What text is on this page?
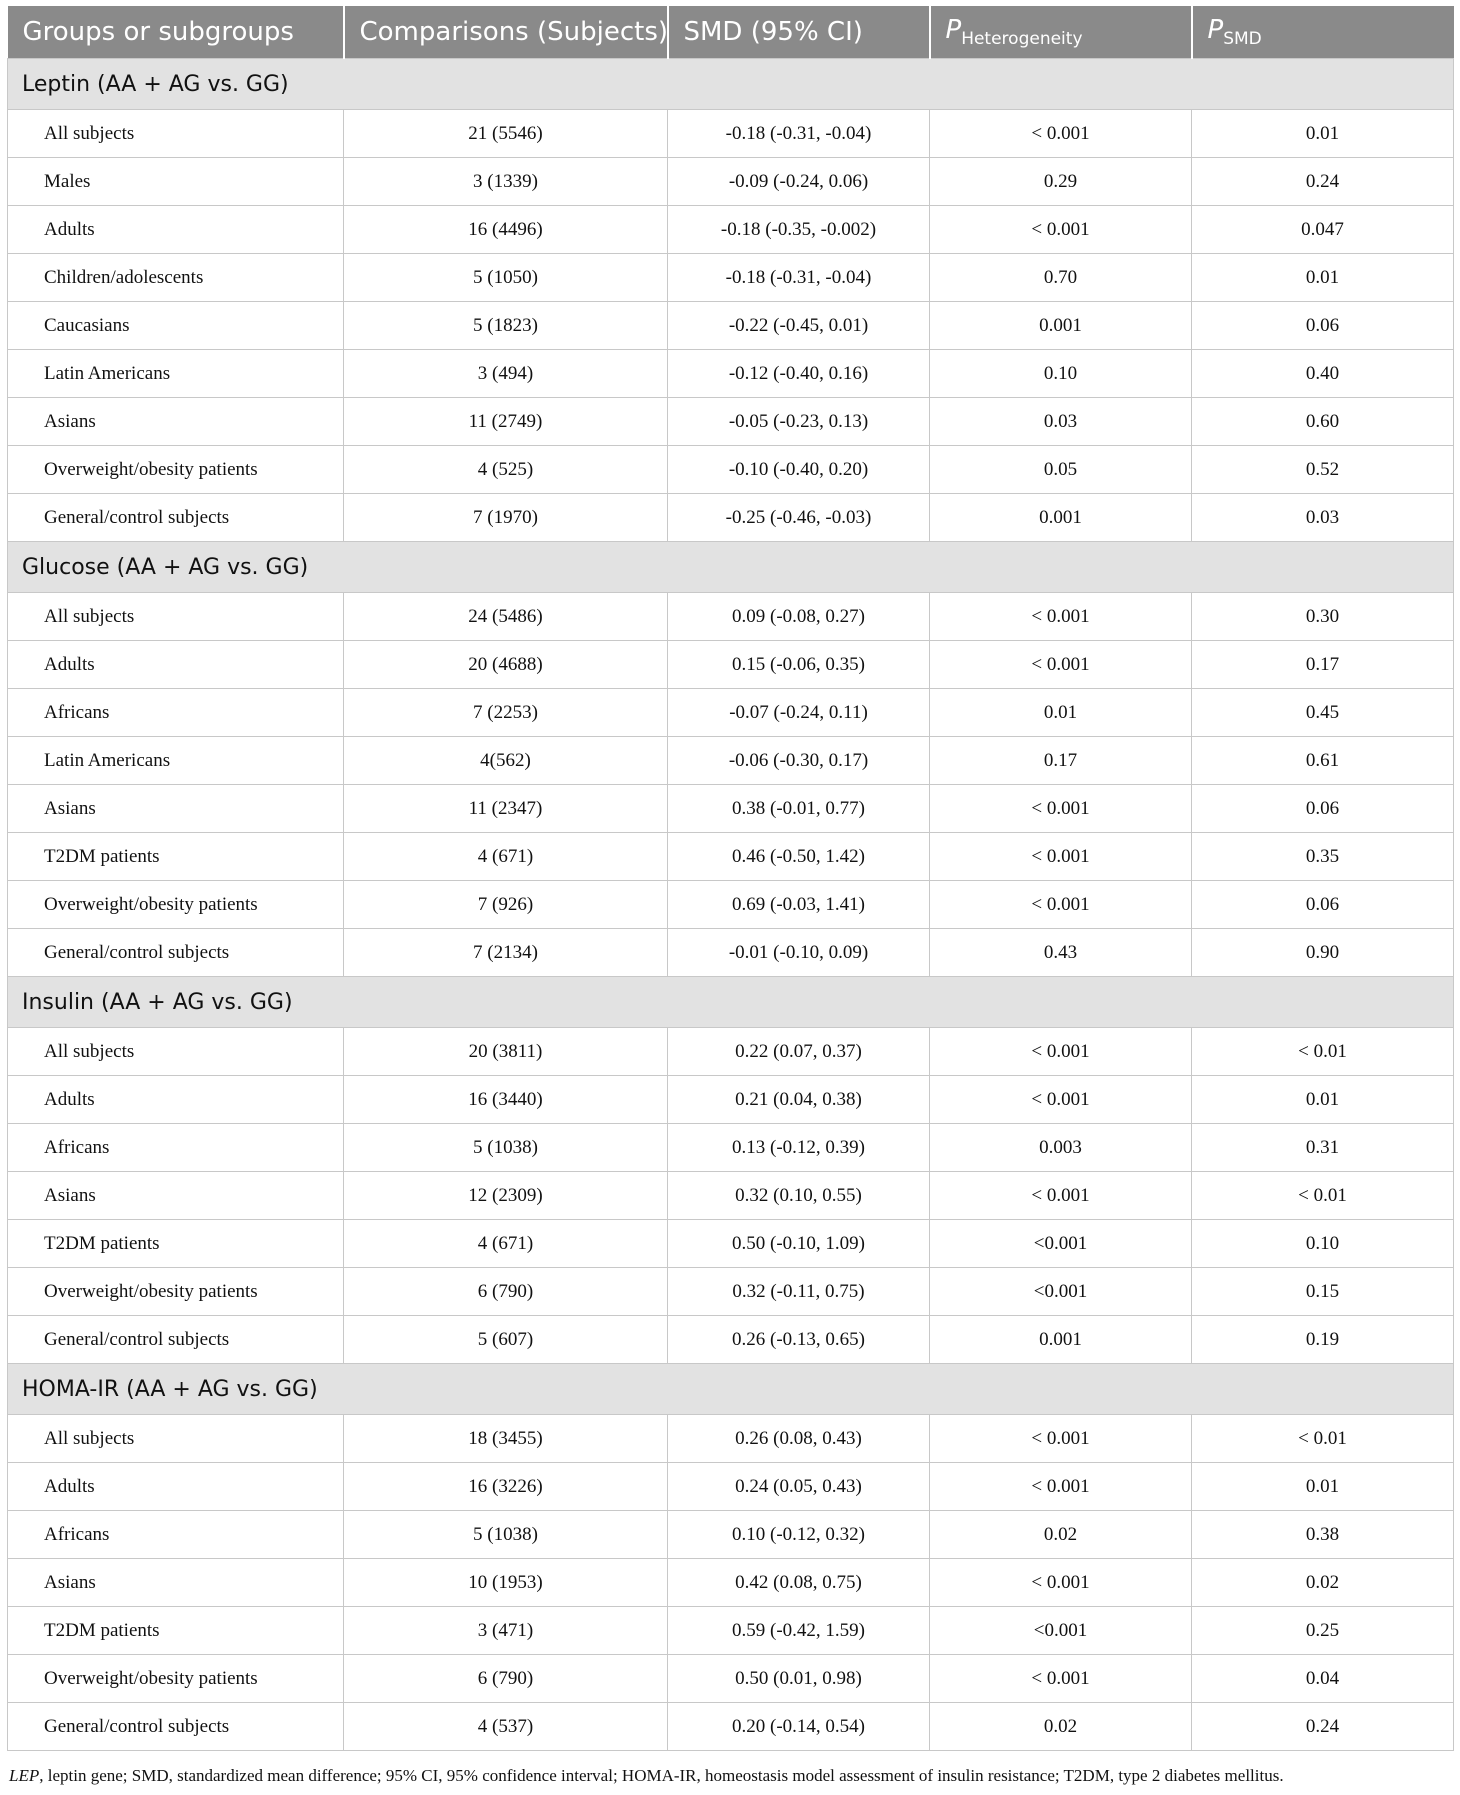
Groups or subgroups	Comparisons (Subjects)	SMD (95% CI)	$P_{Heterogeneity}$	$P_{SMD}$
Leptin (AA + AG vs. GG)				
All subjects	21 (5546)	-0.18 (-0.31, -0.04)	< 0.001	0.01
Males	3 (1339)	-0.09 (-0.24, 0.06)	0.29	0.24
Adults	16 (4496)	-0.18 (-0.35, -0.002)	< 0.001	0.047
Children/adolescents	5 (1050)	-0.18 (-0.31, -0.04)	0.70	0.01
Caucasians	5 (1823)	-0.22 (-0.45, 0.01)	0.001	0.06
Latin Americans	3 (494)	-0.12 (-0.40, 0.16)	0.10	0.40
Asians	11 (2749)	-0.05 (-0.23, 0.13)	0.03	0.60
Overweight/obesity patients	4 (525)	-0.10 (-0.40, 0.20)	0.05	0.52
General/control subjects	7 (1970)	-0.25 (-0.46, -0.03)	0.001	0.03
Glucose (AA + AG vs. GG)				
All subjects	24 (5486)	0.09 (-0.08, 0.27)	< 0.001	0.30
Adults	20 (4688)	0.15 (-0.06, 0.35)	< 0.001	0.17
Africans	7 (2253)	-0.07 (-0.24, 0.11)	0.01	0.45
Latin Americans	4(562)	-0.06 (-0.30, 0.17)	0.17	0.61
Asians	11 (2347)	0.38 (-0.01, 0.77)	< 0.001	0.06
T2DM patients	4 (671)	0.46 (-0.50, 1.42)	< 0.001	0.35
Overweight/obesity patients	7 (926)	0.69 (-0.03, 1.41)	< 0.001	0.06
General/control subjects	7 (2134)	-0.01 (-0.10, 0.09)	0.43	0.90
Insulin (AA + AG vs. GG)				
All subjects	20 (3811)	0.22 (0.07, 0.37)	< 0.001	< 0.01
Adults	16 (3440)	0.21 (0.04, 0.38)	< 0.001	0.01
Africans	5 (1038)	0.13 (-0.12, 0.39)	0.003	0.31
Asians	12 (2309)	0.32 (0.10, 0.55)	< 0.001	< 0.01
T2DM patients	4 (671)	0.50 (-0.10, 1.09)	<0.001	0.10
Overweight/obesity patients	6 (790)	0.32 (-0.11, 0.75)	<0.001	0.15
General/control subjects	5 (607)	0.26 (-0.13, 0.65)	0.001	0.19
HOMA-IR (AA + AG vs. GG)				
All subjects	18 (3455)	0.26 (0.08, 0.43)	< 0.001	< 0.01
Adults	16 (3226)	0.24 (0.05, 0.43)	< 0.001	0.01
Africans	5 (1038)	0.10 (-0.12, 0.32)	0.02	0.38
Asians	10 (1953)	0.42 (0.08, 0.75)	< 0.001	0.02
T2DM patients	3 (471)	0.59 (-0.42, 1.59)	<0.001	0.25
Overweight/obesity patients	6 (790)	0.50 (0.01, 0.98)	< 0.001	0.04
General/control subjects	4 (537)	0.20 (-0.14, 0.54)	0.02	0.24
LEP, leptin gene; SMD, standardized mean difference; 95% CI, 95% confidence interval; HOMA-IR, homeostasis model assessment of insulin resistance; T2DM, type 2 diabetes mellitus.
